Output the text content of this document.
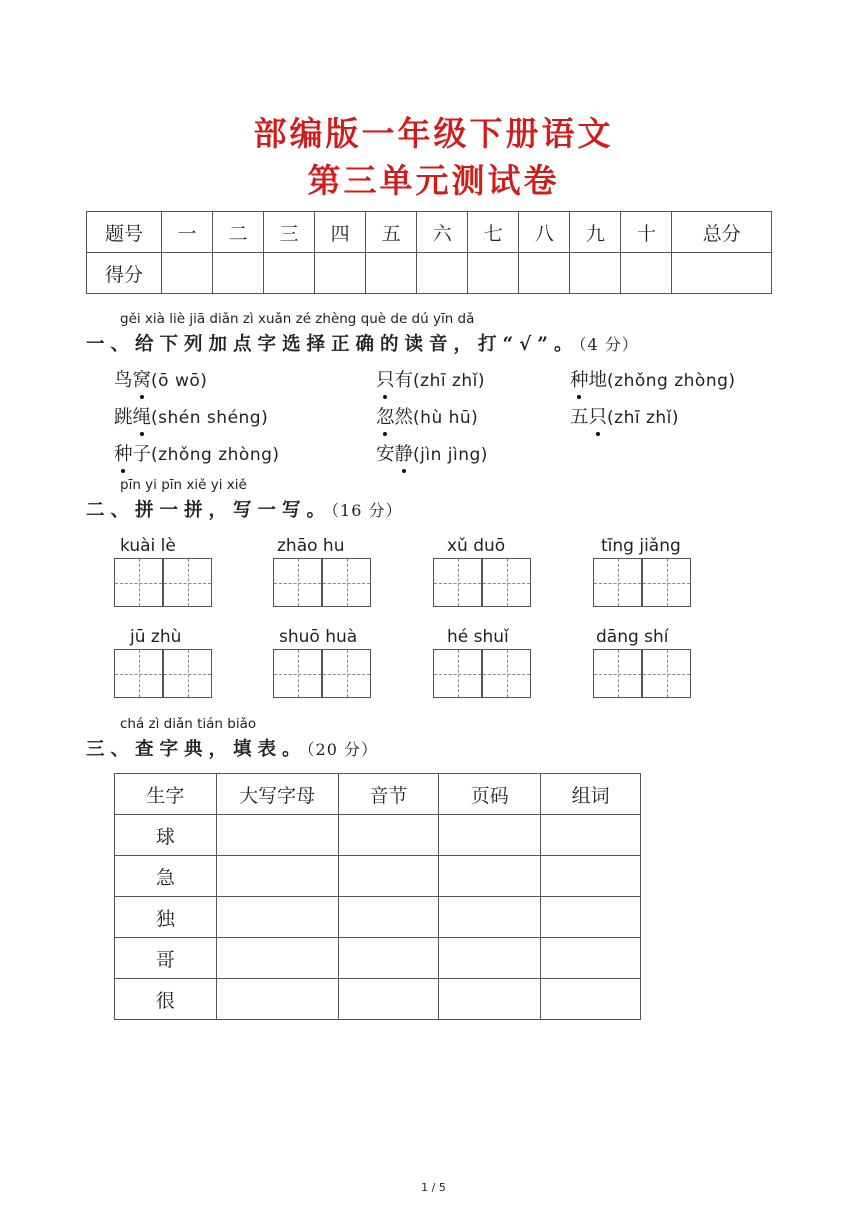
部编版一年级下册语文
第三单元测试卷
题号	一	二	三	四	五	六	七	八	九	十	总分
得分											
gěi xià liè jiā diǎn zì xuǎn zé zhèng què de dú yīn dǎ
一、给下列加点字选择正确的读音，打“√”。（4 分）
鸟窝(ō wō)	只有(zhī zhǐ)	种地(zhǒng zhòng)
跳绳(shén shéng)	忽然(hù hū)	五只(zhī zhǐ)
种子(zhǒng zhòng)	安静(jìn jìng)
pīn yi pīn xiě yi xiě
二、拼一拼，写一写。（16 分）
kuài lè	zhāo hu	xǔ duō	tīng jiǎng
jū zhù	shuō huà	hé shuǐ	dāng shí
chá zì diǎn tián biǎo
三、查字典，填表。（20 分）
生字	大写字母	音节	页码	组词
球				
急				
独				
哥				
很				
1 / 5
